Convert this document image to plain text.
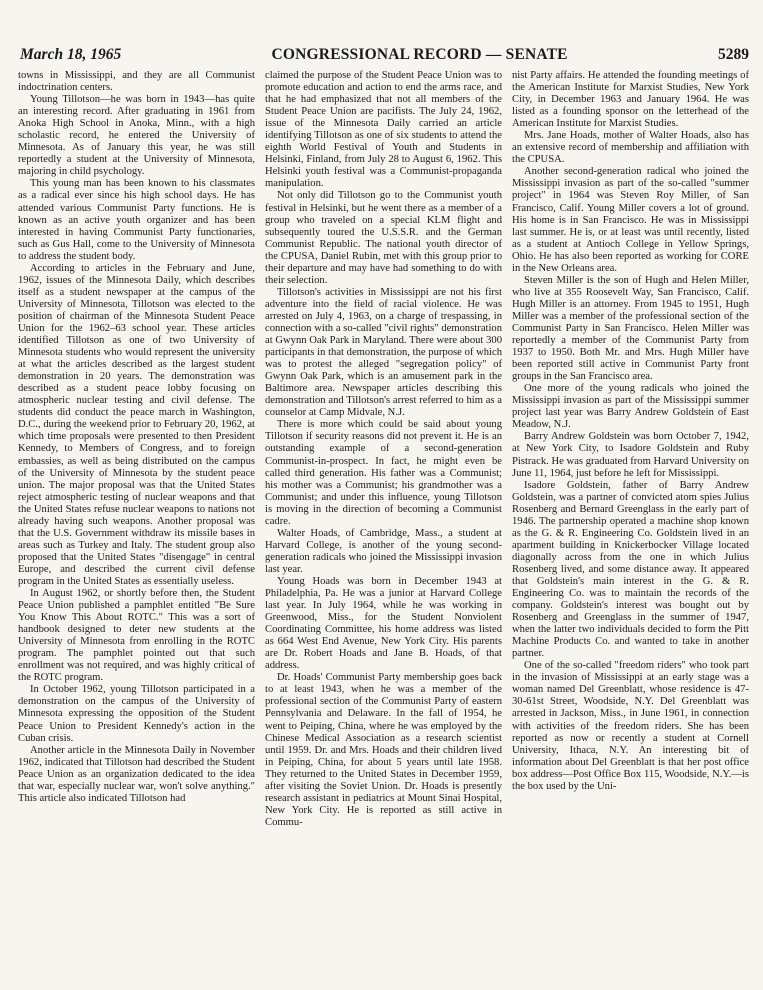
March 18, 1965	CONGRESSIONAL RECORD — SENATE	5289

towns in Mississippi, and they are all Communist indoctrination centers.

Young Tillotson—he was born in 1943—has quite an interesting record. After graduating in 1961 from Anoka High School in Anoka, Minn., with a high scholastic record, he entered the University of Minnesota. As of January this year, he was still reportedly a student at the University of Minnesota, majoring in child psychology.

This young man has been known to his classmates as a radical ever since his high school days. He has attended various Communist Party functions. He is known as an active youth organizer and has been interested in having Communist Party functionaries, such as Gus Hall, come to the University of Minnesota to address the student body.

According to articles in the February and June, 1962, issues of the Minnesota Daily, which describes itself as a student newspaper at the campus of the University of Minnesota, Tillotson was elected to the position of chairman of the Minnesota Student Peace Union for the 1962–63 school year. These articles identified Tillotson as one of two University of Minnesota students who would represent the university at what the articles described as the largest student demonstration in 20 years. The demonstration was described as a student peace lobby focusing on atmospheric nuclear testing and civil defense. The students did conduct the peace march in Washington, D.C., during the weekend prior to February 20, 1962, at which time proposals were presented to then President Kennedy, to Members of Congress, and to foreign embassies, as well as being distributed on the campus of the University of Minnesota by the student peace union. The major proposal was that the United States reject atmospheric testing of nuclear weapons and that the United States refuse nuclear weapons to nations not already having such weapons. Another proposal was that the U.S. Government withdraw its missile bases in areas such as Turkey and Italy. The student group also proposed that the United States "disengage" in central Europe, and described the current civil defense program in the United States as essentially useless.

In August 1962, or shortly before then, the Student Peace Union published a pamphlet entitled "Be Sure You Know This About ROTC." This was a sort of handbook designed to deter new students at the University of Minnesota from enrolling in the ROTC program. The pamphlet pointed out that such enrollment was not required, and was highly critical of the ROTC program.

In October 1962, young Tillotson participated in a demonstration on the campus of the University of Minnesota expressing the opposition of the Student Peace Union to President Kennedy's action in the Cuban crisis.

Another article in the Minnesota Daily in November 1962, indicated that Tillotson had described the Student Peace Union as an organization dedicated to the idea that war, especially nuclear war, won't solve anything." This article also indicated Tillotson had

claimed the purpose of the Student Peace Union was to promote education and action to end the arms race, and that he had emphasized that not all members of the Student Peace Union are pacifists. The July 24, 1962, issue of the Minnesota Daily carried an article identifying Tillotson as one of six students to attend the eighth World Festival of Youth and Students in Helsinki, Finland, from July 28 to August 6, 1962. This Helsinki youth festival was a Communist-propaganda manipulation.

Not only did Tillotson go to the Communist youth festival in Helsinki, but he went there as a member of a group who traveled on a special KLM flight and subsequently toured the U.S.S.R. and the German Communist Republic. The national youth director of the CPUSA, Daniel Rubin, met with this group prior to their departure and may have had something to do with their selection.

Tillotson's activities in Mississippi are not his first adventure into the field of racial violence. He was arrested on July 4, 1963, on a charge of trespassing, in connection with a so-called "civil rights" demonstration at Gwynn Oak Park in Maryland. There were about 300 participants in that demonstration, the purpose of which was to protest the alleged "segregation policy" of Gwynn Oak Park, which is an amusement park in the Baltimore area. Newspaper articles describing this demonstration and Tillotson's arrest referred to him as a counselor at Camp Midvale, N.J.

There is more which could be said about young Tillotson if security reasons did not prevent it. He is an outstanding example of a second-generation Communist-in-prospect. In fact, he might even be called third generation. His father was a Communist; his mother was a Communist; his grandmother was a Communist; and under this influence, young Tillotson is moving in the direction of becoming a Communist cadre.

Walter Hoads, of Cambridge, Mass., a student at Harvard College, is another of the young second-generation radicals who joined the Mississippi invasion last year.

Young Hoads was born in December 1943 at Philadelphia, Pa. He was a junior at Harvard College last year. In July 1964, while he was working in Greenwood, Miss., for the Student Nonviolent Coordinating Committee, his home address was listed as 664 West End Avenue, New York City. His parents are Dr. Robert Hoads and Jane B. Hoads, of that address.

Dr. Hoads' Communist Party membership goes back to at least 1943, when he was a member of the professional section of the Communist Party of eastern Pennsylvania and Delaware. In the fall of 1954, he went to Peiping, China, where he was employed by the Chinese Medical Association as a research scientist until 1959. Dr. and Mrs. Hoads and their children lived in Peiping, China, for about 5 years until late 1958. They returned to the United States in December 1959, after visiting the Soviet Union. Dr. Hoads is presently research assistant in pediatrics at Mount Sinai Hospital, New York City. He is reported as still active in Commu-

nist Party affairs. He attended the founding meetings of the American Institute for Marxist Studies, New York City, in December 1963 and January 1964. He was listed as a founding sponsor on the letterhead of the American Institute for Marxist Studies.

Mrs. Jane Hoads, mother of Walter Hoads, also has an extensive record of membership and affiliation with the CPUSA.

Another second-generation radical who joined the Mississippi invasion as part of the so-called "summer project" in 1964 was Steven Roy Miller, of San Francisco, Calif. Young Miller covers a lot of ground. His home is in San Francisco. He was in Mississippi last summer. He is, or at least was until recently, listed as a student at Antioch College in Yellow Springs, Ohio. He has also been reported as working for CORE in the New Orleans area.

Steven Miller is the son of Hugh and Helen Miller, who live at 355 Roosevelt Way, San Francisco, Calif. Hugh Miller is an attorney. From 1945 to 1951, Hugh Miller was a member of the professional section of the Communist Party in San Francisco. Helen Miller was reportedly a member of the Communist Party from 1937 to 1950. Both Mr. and Mrs. Hugh Miller have been reported still active in Communist Party front groups in the San Francisco area.

One more of the young radicals who joined the Mississippi invasion as part of the Mississippi summer project last year was Barry Andrew Goldstein of East Meadow, N.J.

Barry Andrew Goldstein was born October 7, 1942, at New York City, to Isadore Goldstein and Ruby Pistrack. He was graduated from Harvard University on June 11, 1964, just before he left for Mississippi.

Isadore Goldstein, father of Barry Andrew Goldstein, was a partner of convicted atom spies Julius Rosenberg and Bernard Greenglass in the early part of 1946. The partnership operated a machine shop known as the G. & R. Engineering Co. Goldstein lived in an apartment building in Knickerbocker Village located diagonally across from the one in which Julius Rosenberg lived, and some distance away. It appeared that Goldstein's main interest in the G. & R. Engineering Co. was to maintain the records of the company. Goldstein's interest was bought out by Rosenberg and Greenglass in the summer of 1947, when the latter two individuals decided to form the Pitt Machine Products Co. and wanted to take in another partner.

One of the so-called "freedom riders" who took part in the invasion of Mississippi at an early stage was a woman named Del Greenblatt, whose residence is 47-30-61st Street, Woodside, N.Y. Del Greenblatt was arrested in Jackson, Miss., in June 1961, in connection with activities of the freedom riders. She has been reported as now or recently a student at Cornell University, Ithaca, N.Y. An interesting bit of information about Del Greenblatt is that her post office box address—Post Office Box 115, Woodside, N.Y.—is the box used by the Uni-
